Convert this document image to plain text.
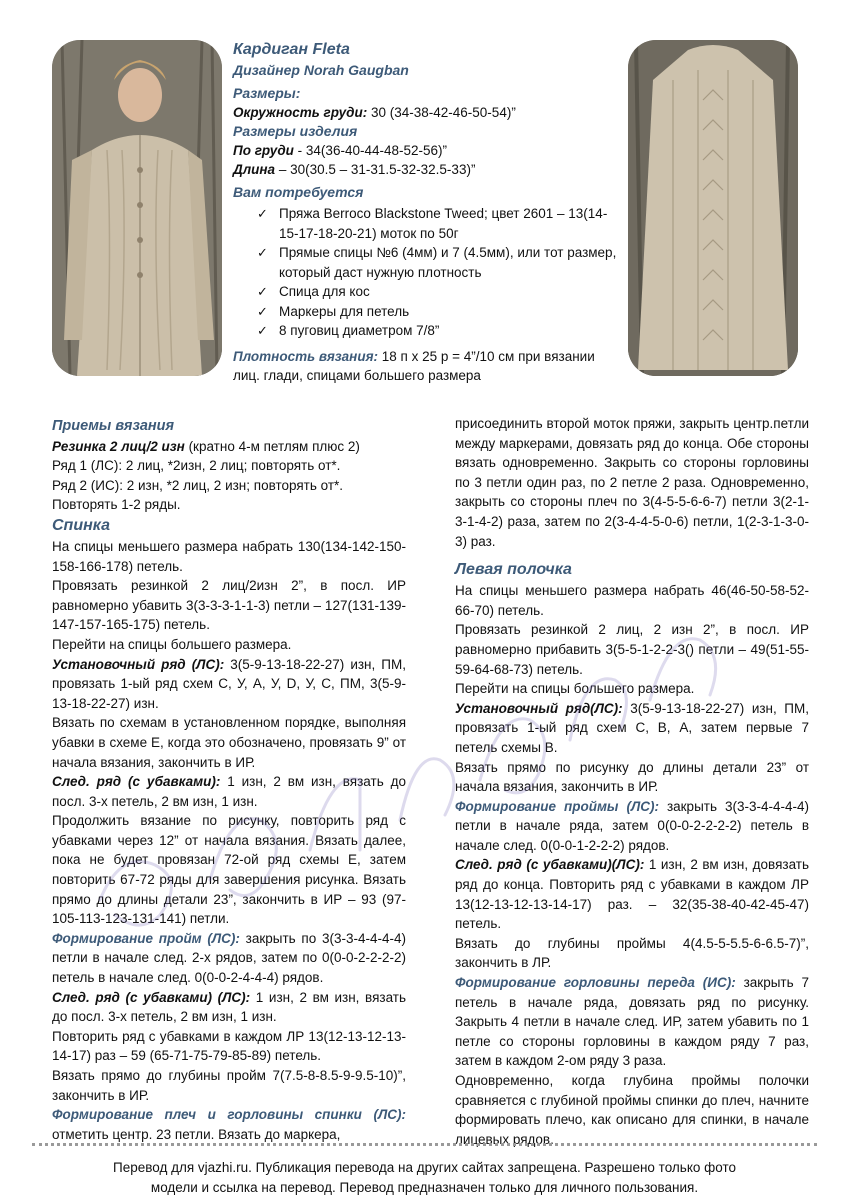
Кардиган Fleta
Дизайнер Norah Gaugban
Размеры:
Окружность груди: 30 (34-38-42-46-50-54)”
Размеры изделия
По груди - 34(36-40-44-48-52-56)”
Длина – 30(30.5 – 31-31.5-32-32.5-33)”
Вам потребуется
✓ Пряжа Berroco Blackstone Tweed; цвет 2601 – 13(14-15-17-18-20-21) моток по 50г
✓ Прямые спицы №6 (4мм) и 7 (4.5мм), или тот размер, который даст нужную плотность
✓ Спица для кос
✓ Маркеры для петель
✓ 8 пуговиц диаметром 7/8”
Плотность вязания: 18 п х 25 р = 4”/10 см при вязании лиц. глади, спицами большего размера

Приемы вязания

Резинка 2 лиц/2 изн (кратно 4-м петлям плюс 2)

Ряд 1 (ЛС): 2 лиц, *2изн, 2 лиц; повторять от*.

Ряд 2 (ИС): 2 изн, *2 лиц, 2 изн; повторять от*.

Повторять 1-2 ряды.

Спинка

На спицы меньшего размера набрать 130(134-142-150-158-166-178) петель.

Провязать резинкой 2 лиц/2изн 2”, в посл. ИР равномерно убавить 3(3-3-3-1-1-3) петли – 127(131-139-147-157-165-175) петель.

Перейти на спицы большего размера.

Установочный ряд (ЛС): 3(5-9-13-18-22-27) изн, ПМ, провязать 1-ый ряд схем С, У, А, У, D, У, С, ПМ, 3(5-9-13-18-22-27) изн.

Вязать по схемам в установленном порядке, выполняя убавки в схеме Е, когда это обозначено, провязать 9” от начала вязания, закончить в ИР.

След. ряд (с убавками): 1 изн, 2 вм изн, вязать до посл. 3-х петель, 2 вм изн, 1 изн.

Продолжить вязание по рисунку, повторить ряд с убавками через 12” от начала вязания. Вязать далее, пока не будет провязан 72-ой ряд схемы Е, затем повторить 67-72 ряды для завершения рисунка. Вязать прямо до длины детали 23”, закончить в ИР – 93 (97-105-113-123-131-141) петли.

Формирование пройм (ЛС): закрыть по 3(3-3-4-4-4-4) петли в начале след. 2-х рядов, затем по 0(0-0-2-2-2-2) петель в начале след. 0(0-0-2-4-4-4) рядов.

След. ряд (с убавками) (ЛС): 1 изн, 2 вм изн, вязать до посл. 3-х петель, 2 вм изн, 1 изн.

Повторить ряд с убавками в каждом ЛР 13(12-13-12-13-14-17) раз – 59 (65-71-75-79-85-89) петель.

Вязать прямо до глубины пройм 7(7.5-8-8.5-9-9.5-10)”, закончить в ИР.

Формирование плеч и горловины спинки (ЛС): отметить центр. 23 петли. Вязать до маркера,

присоединить второй моток пряжи, закрыть центр.петли между маркерами, довязать ряд до конца. Обе стороны вязать одновременно. Закрыть со стороны горловины по 3 петли один раз, по 2 петле 2 раза. Одновременно, закрыть со стороны плеч по 3(4-5-5-6-6-7) петли 3(2-1-3-1-4-2) раза, затем по 2(3-4-4-5-0-6) петли, 1(2-3-1-3-0-3) раз.

Левая полочка

На спицы меньшего размера набрать 46(46-50-58-52-66-70) петель.

Провязать резинкой 2 лиц, 2 изн 2”, в посл. ИР равномерно прибавить 3(5-5-1-2-2-3() петли – 49(51-55-59-64-68-73) петель.

Перейти на спицы большего размера.

Установочный ряд(ЛС): 3(5-9-13-18-22-27) изн, ПМ, провязать 1-ый ряд схем С, В, А, затем первые 7 петель схемы В.

Вязать прямо по рисунку до длины детали 23” от начала вязания, закончить в ИР.

Формирование проймы (ЛС): закрыть 3(3-3-4-4-4-4) петли в начале ряда, затем 0(0-0-2-2-2-2) петель в начале след. 0(0-0-1-2-2-2) рядов.

След. ряд (с убавками)(ЛС): 1 изн, 2 вм изн, довязать ряд до конца. Повторить ряд с убавками в каждом ЛР 13(12-13-12-13-14-17) раз. – 32(35-38-40-42-45-47) петель.

Вязать до глубины проймы 4(4.5-5-5.5-6-6.5-7)”, закончить в ЛР.

Формирование горловины переда (ИС): закрыть 7 петель в начале ряда, довязать ряд по рисунку. Закрыть 4 петли в начале след. ИР, затем убавить по 1 петле со стороны горловины в каждом ряду 7 раз, затем в каждом 2-ом ряду 3 раза.

Одновременно, когда глубина проймы полочки сравняется с глубиной проймы спинки до плеч, начните формировать плечо, как описано для спинки, в начале лицевых рядов.

Перевод для vjazhi.ru. Публикация перевода на других сайтах запрещена. Разрешено только фото
модели и ссылка на перевод. Перевод предназначен только для личного пользования.
